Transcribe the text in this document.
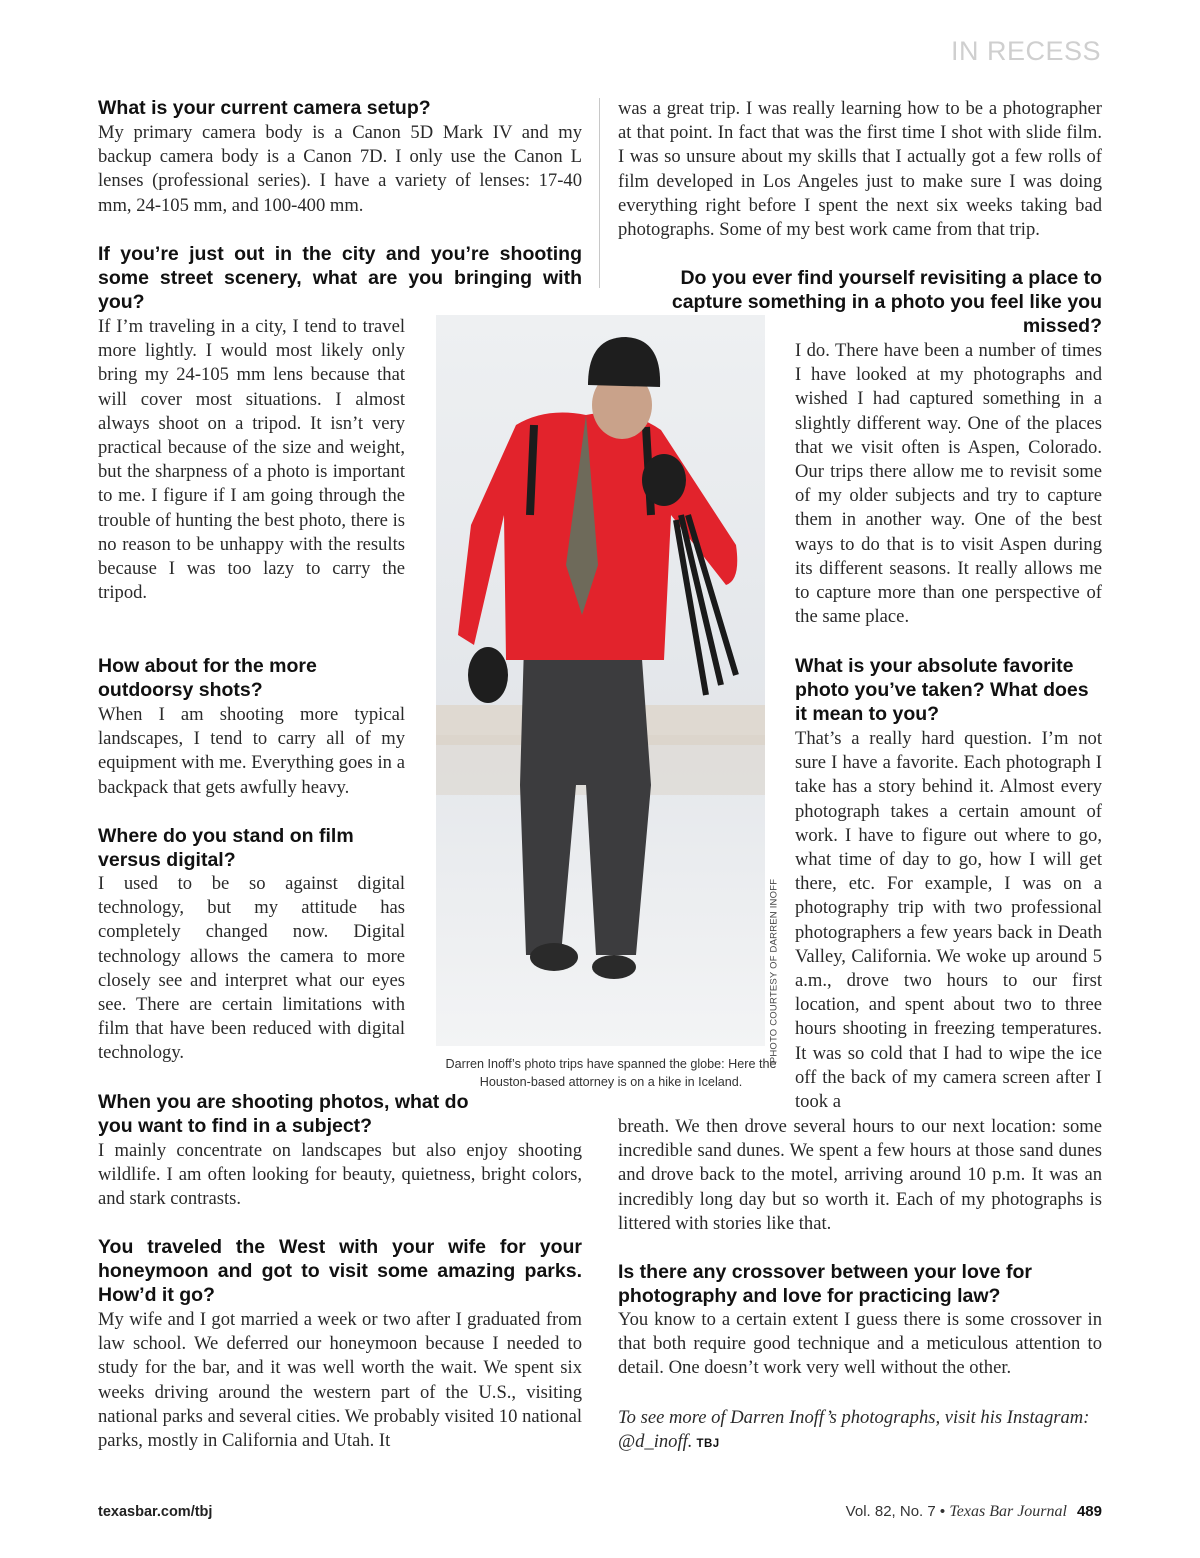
IN RECESS
What is your current camera setup?

My primary camera body is a Canon 5D Mark IV and my backup camera body is a Canon 7D. I only use the Canon L lenses (professional series). I have a variety of lenses: 17-40 mm, 24-105 mm, and 100-400 mm.

If you’re just out in the city and you’re shooting some street scenery, what are you bringing with you?

If I’m traveling in a city, I tend to travel more lightly. I would most likely only bring my 24-105 mm lens because that will cover most situations. I almost always shoot on a tripod. It isn’t very practical because of the size and weight, but the sharpness of a photo is important to me. I figure if I am going through the trouble of hunting the best photo, there is no reason to be unhappy with the results because I was too lazy to carry the tripod.

How about for the more outdoorsy shots?

When I am shooting more typical landscapes, I tend to carry all of my equipment with me. Everything goes in a backpack that gets awfully heavy.

Where do you stand on film versus digital?

I used to be so against digital technology, but my attitude has completely changed now. Digital technology allows the camera to more closely see and interpret what our eyes see. There are certain limitations with film that have been reduced with digital technology.

When you are shooting photos, what do you want to find in a subject?

I mainly concentrate on landscapes but also enjoy shooting wildlife. I am often looking for beauty, quietness, bright colors, and stark contrasts.

You traveled the West with your wife for your honeymoon and got to visit some amazing parks. How’d it go?

My wife and I got married a week or two after I graduated from law school. We deferred our honeymoon because I needed to study for the bar, and it was well worth the wait. We spent six weeks driving around the western part of the U.S., visiting national parks and several cities. We probably visited 10 national parks, mostly in California and Utah. It

was a great trip. I was really learning how to be a photographer at that point. In fact that was the first time I shot with slide film. I was so unsure about my skills that I actually got a few rolls of film developed in Los Angeles just to make sure I was doing everything right before I spent the next six weeks taking bad photographs. Some of my best work came from that trip.

Do you ever find yourself revisiting a place to capture something in a photo you feel like you missed?

I do. There have been a number of times I have looked at my photographs and wished I had captured something in a slightly different way. One of the places that we visit often is Aspen, Colorado. Our trips there allow me to revisit some of my older subjects and try to capture them in another way. One of the best ways to do that is to visit Aspen during its different seasons. It really allows me to capture more than one perspective of the same place.

What is your absolute favorite photo you’ve taken? What does it mean to you?

That’s a really hard question. I’m not sure I have a favorite. Each photograph I take has a story behind it. Almost every photograph takes a certain amount of work. I have to figure out where to go, what time of day to go, how I will get there, etc. For example, I was on a photography trip with two professional photographers a few years back in Death Valley, California. We woke up around 5 a.m., drove two hours to our first location, and spent about two to three hours shooting in freezing temperatures. It was so cold that I had to wipe the ice off the back of my camera screen after I took a

breath. We then drove several hours to our next location: some incredible sand dunes. We spent a few hours at those sand dunes and drove back to the motel, arriving around 10 p.m. It was an incredibly long day but so worth it. Each of my photographs is littered with stories like that.

Is there any crossover between your love for photography and love for practicing law?

You know to a certain extent I guess there is some crossover in that both require good technique and a meticulous attention to detail. One doesn’t work very well without the other.

PHOTO COURTESY OF DARREN INOFF

Darren Inoff’s photo trips have spanned the globe: Here the Houston-based attorney is on a hike in Iceland.

To see more of Darren Inoff’s photographs, visit his Instagram: @d_inoff. TBJ

texasbar.com/tbj	Vol. 82, No. 7 • Texas Bar Journal 489
